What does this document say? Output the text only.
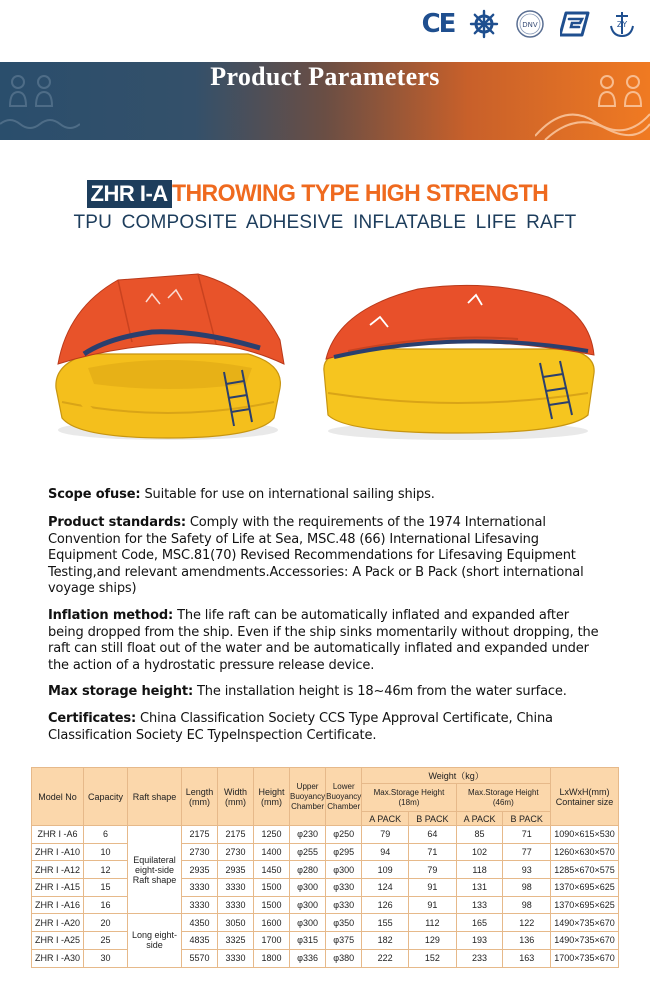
CE	DNV	ZY
Product Parameters
ZHR I-A THROWING TYPE HIGH STRENGTH
TPU COMPOSITE ADHESIVE INFLATABLE LIFE RAFT

Scope ofuse: Suitable for use on international sailing ships.

Product standards: Comply with the requirements of the 1974 International Convention for the Safety of Life at Sea, MSC.48 (66) International Lifesaving Equipment Code, MSC.81(70) Revised Recommendations for Lifesaving Equipment Testing,and relevant amendments.Accessories: A Pack or B Pack (short international voyage ships)

Inflation method: The life raft can be automatically inflated and expanded after being dropped from the ship. Even if the ship sinks momentarily without dropping, the raft can still float out of the water and be automatically inflated and expanded under the action of a hydrostatic pressure release device.

Max storage height: The installation height is 18~46m from the water surface.

Certificates: China Classification Society CCS Type Approval Certificate, China Classification Society EC TypeInspection Certificate.

Model No	Capacity	Raft shape	Length (mm)	Width (mm)	Height (mm)	Upper Buoyancy Chamber	Lower Buoyancy Chamber	Weight（kg）				LxWxH(mm) Container size
								Max.Storage Height (18m)		Max.Storage Height (46m)		
								A PACK	B PACK	A PACK	B PACK	
ZHR I -A6	6	Equilateral eight-side Raft shape	2175	2175	1250	φ230	φ250	79	64	85	71	1090×615×530
ZHR I -A10	10		2730	2730	1400	φ255	φ295	94	71	102	77	1260×630×570
ZHR I -A12	12		2935	2935	1450	φ280	φ300	109	79	118	93	1285×670×575
ZHR I -A15	15		3330	3330	1500	φ300	φ330	124	91	131	98	1370×695×625
ZHR I -A16	16		3330	3330	1500	φ300	φ330	126	91	133	98	1370×695×625
ZHR I -A20	20	Long eight-side	4350	3050	1600	φ300	φ350	155	112	165	122	1490×735×670
ZHR I -A25	25		4835	3325	1700	φ315	φ375	182	129	193	136	1490×735×670
ZHR I -A30	30		5570	3330	1800	φ336	φ380	222	152	233	163	1700×735×670
